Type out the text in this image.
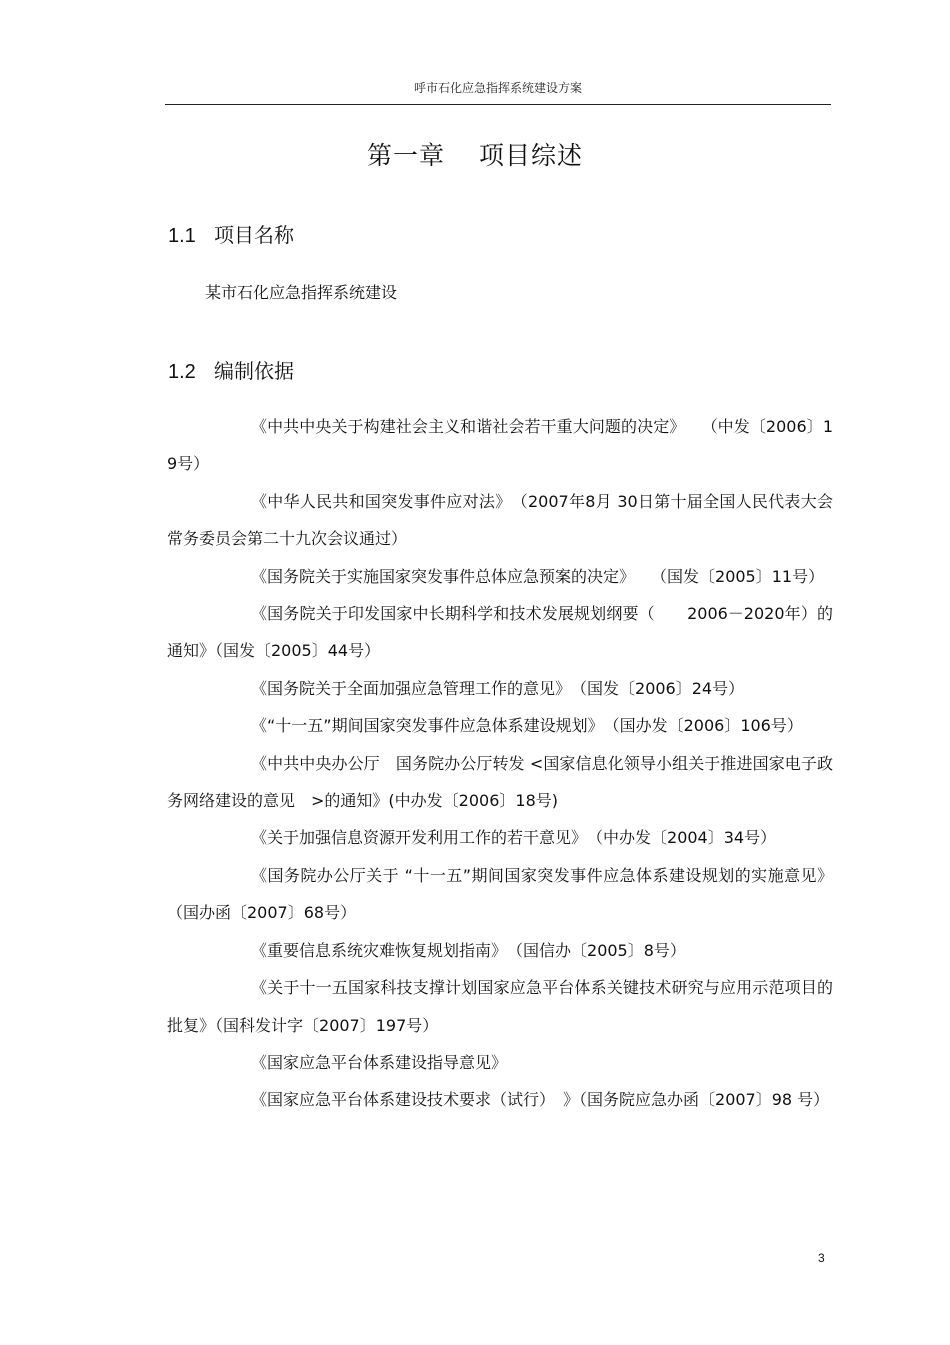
呼市石化应急指挥系统建设方案
第一章 项目综述
1.1 项目名称
某市石化应急指挥系统建设
1.2 编制依据
《中共中央关于构建社会主义和谐社会若干重大问题的决定》　　（中发〔2006〕19号）
《中华人民共和国突发事件应对法》　（2007年8月 30日第十届全国人民代表大会常务委员会第二十九次会议通过）
《国务院关于实施国家突发事件总体应急预案的决定》　　（国发〔2005〕11号）
《国务院关于印发国家中长期科学和技术发展规划纲要（　　2006－2020年）的通知》（国发〔2005〕44号）
《国务院关于全面加强应急管理工作的意见》　（国发〔2006〕24号）
《“十一五”期间国家突发事件应急体系建设规划》　（国办发〔2006〕106号）
《中共中央办公厅　国务院办公厅转发 <国家信息化领导小组关于推进国家电子政务网络建设的意见　>的通知》(中办发〔2006〕18号)
《关于加强信息资源开发利用工作的若干意见》　（中办发〔2004〕34号）
《国务院办公厅关于 “十一五”期间国家突发事件应急体系建设规划的实施意见》（国办函〔2007〕68号）
《重要信息系统灾难恢复规划指南》　（国信办〔2005〕8号）
《关于十一五国家科技支撑计划国家应急平台体系关键技术研究与应用示范项目的批复》（国科发计字〔2007〕197号）
《国家应急平台体系建设指导意见》
《国家应急平台体系建设技术要求（试行）　》（国务院应急办函〔2007〕98 号）
3
